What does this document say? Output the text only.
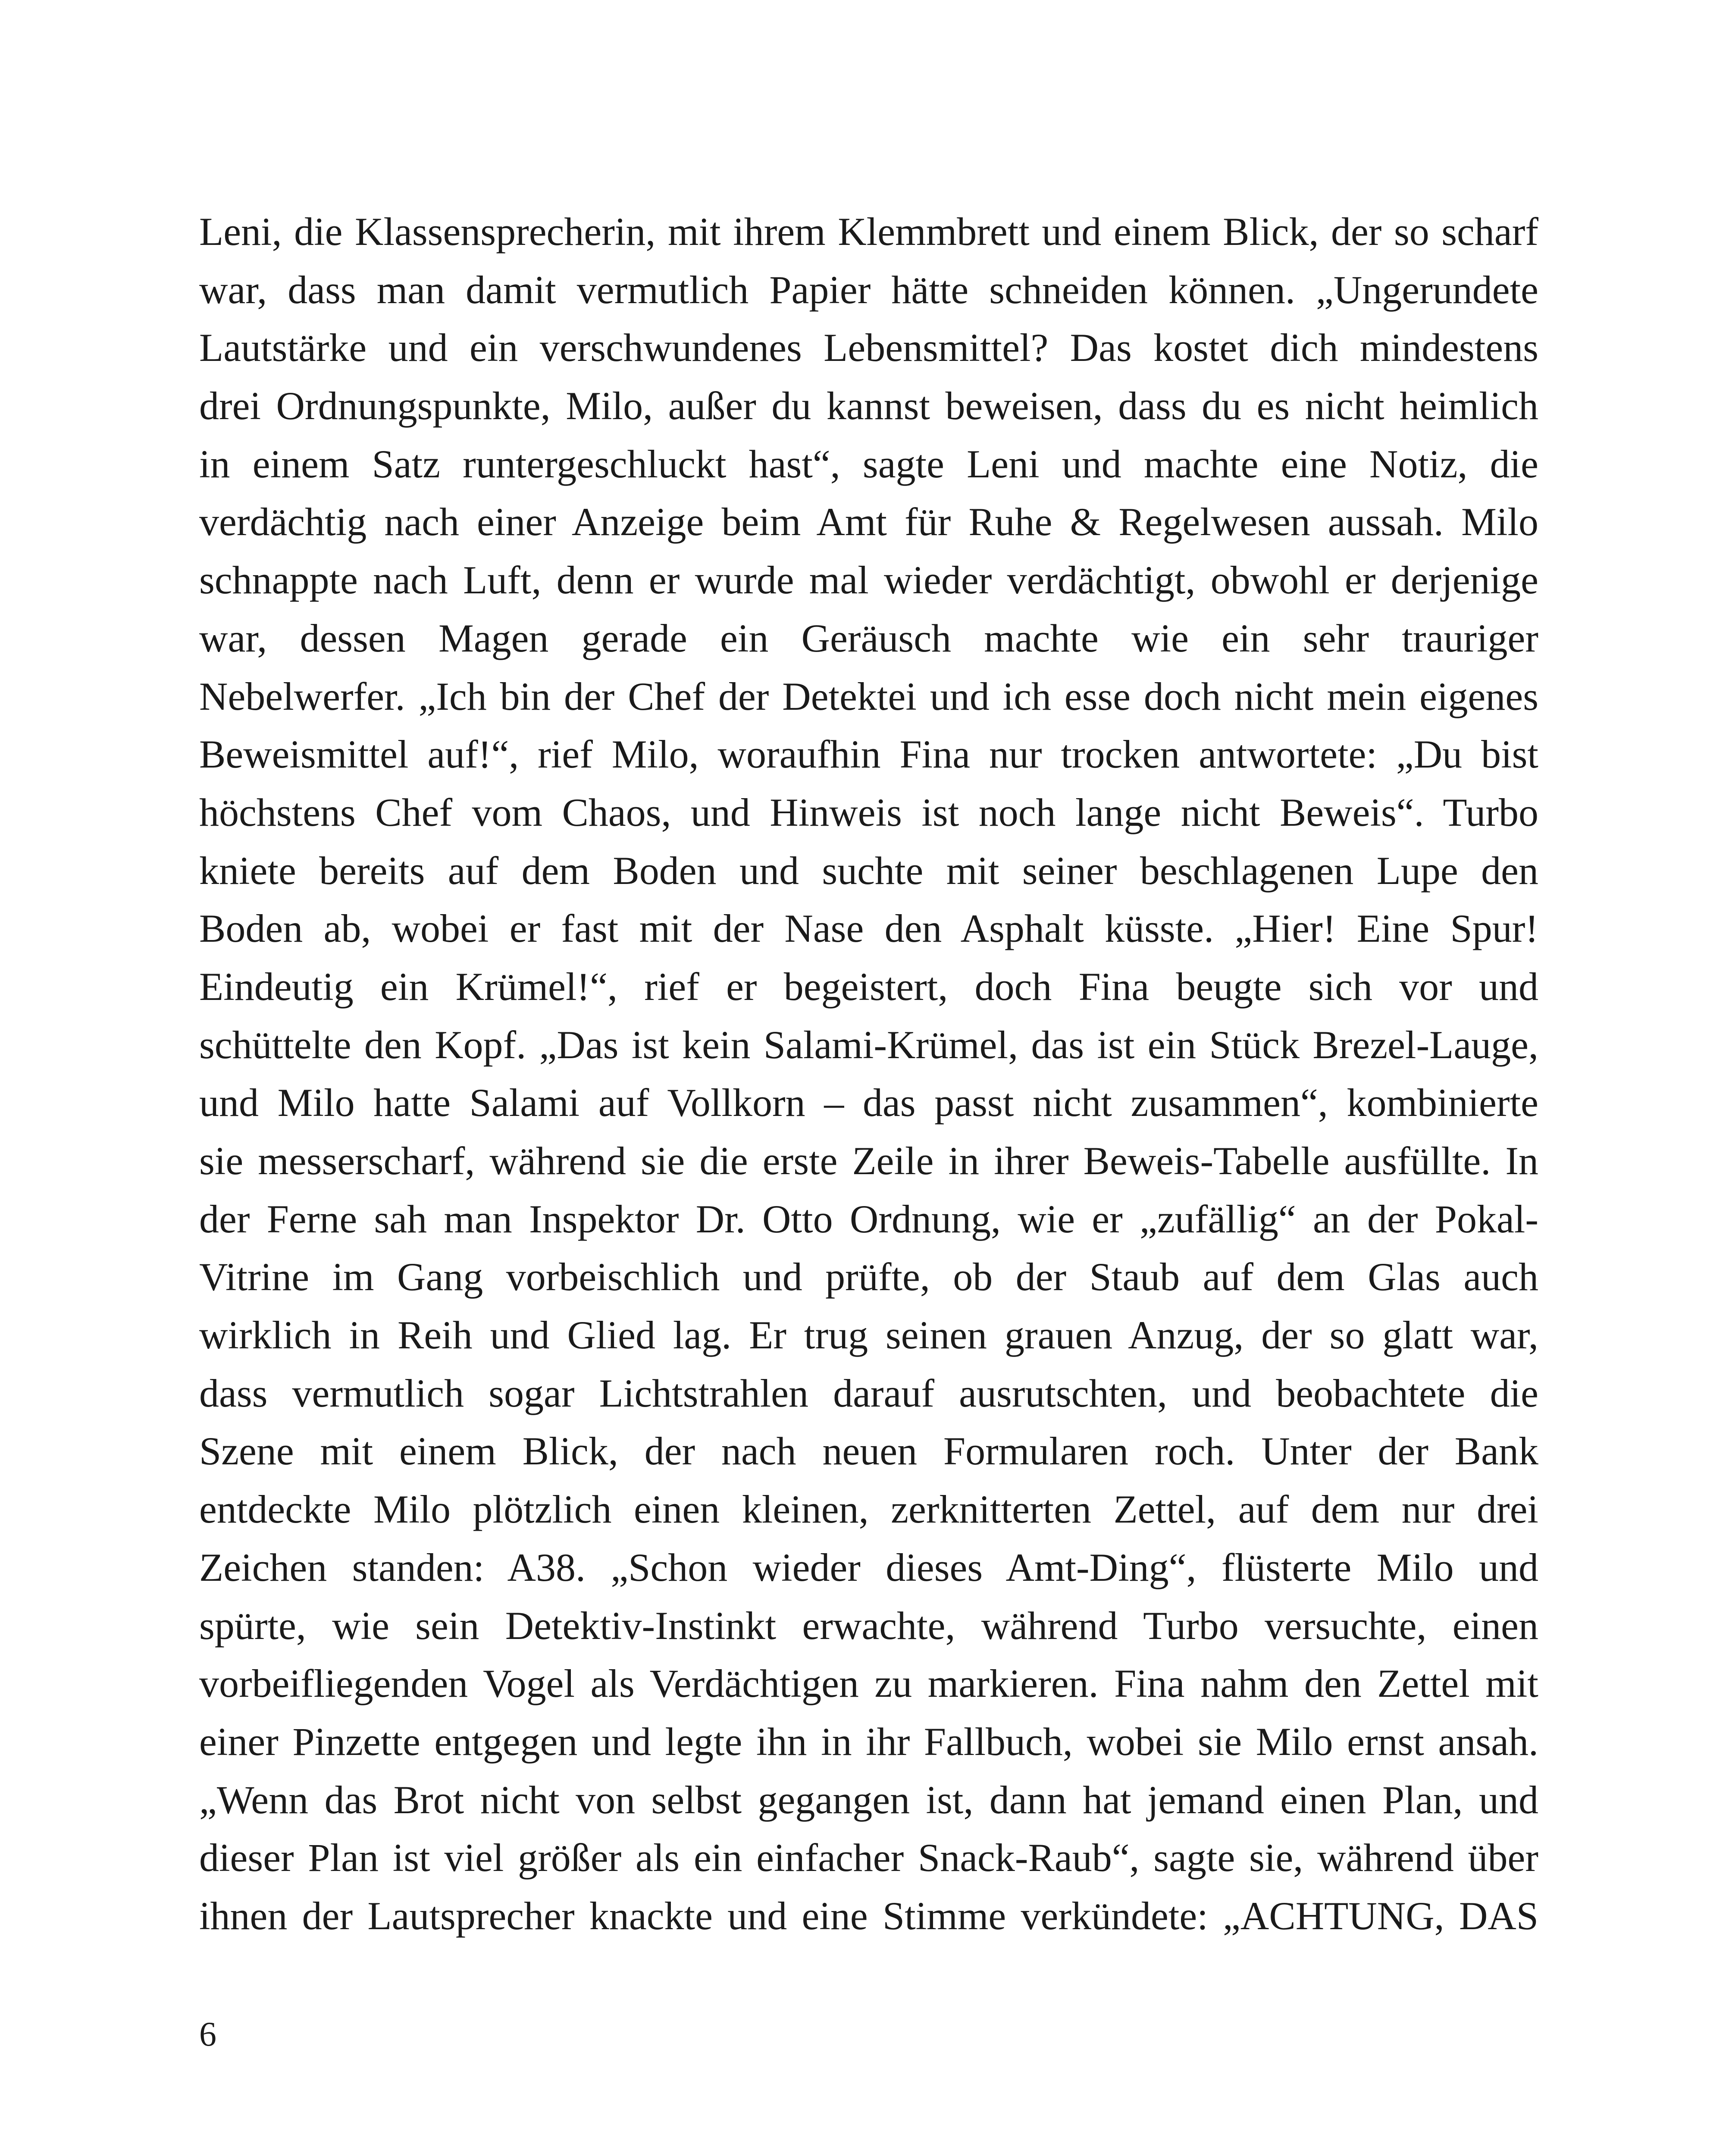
Leni, die Klassensprecherin, mit ihrem Klemmbrett und einem Blick, der so scharf
war, dass man damit vermutlich Papier hätte schneiden können. „Ungerundete
Lautstärke und ein verschwundenes Lebensmittel? Das kostet dich mindestens
drei Ordnungspunkte, Milo, außer du kannst beweisen, dass du es nicht heimlich
in einem Satz runtergeschluckt hast“, sagte Leni und machte eine Notiz, die
verdächtig nach einer Anzeige beim Amt für Ruhe & Regelwesen aussah. Milo
schnappte nach Luft, denn er wurde mal wieder verdächtigt, obwohl er derjenige
war, dessen Magen gerade ein Geräusch machte wie ein sehr trauriger
Nebelwerfer. „Ich bin der Chef der Detektei und ich esse doch nicht mein eigenes
Beweismittel auf!“, rief Milo, woraufhin Fina nur trocken antwortete: „Du bist
höchstens Chef vom Chaos, und Hinweis ist noch lange nicht Beweis“. Turbo
kniete bereits auf dem Boden und suchte mit seiner beschlagenen Lupe den
Boden ab, wobei er fast mit der Nase den Asphalt küsste. „Hier! Eine Spur!
Eindeutig ein Krümel!“, rief er begeistert, doch Fina beugte sich vor und
schüttelte den Kopf. „Das ist kein Salami-Krümel, das ist ein Stück Brezel-Lauge,
und Milo hatte Salami auf Vollkorn – das passt nicht zusammen“, kombinierte
sie messerscharf, während sie die erste Zeile in ihrer Beweis-Tabelle ausfüllte. In
der Ferne sah man Inspektor Dr. Otto Ordnung, wie er „zufällig“ an der Pokal-
Vitrine im Gang vorbeischlich und prüfte, ob der Staub auf dem Glas auch
wirklich in Reih und Glied lag. Er trug seinen grauen Anzug, der so glatt war,
dass vermutlich sogar Lichtstrahlen darauf ausrutschten, und beobachtete die
Szene mit einem Blick, der nach neuen Formularen roch. Unter der Bank
entdeckte Milo plötzlich einen kleinen, zerknitterten Zettel, auf dem nur drei
Zeichen standen: A38. „Schon wieder dieses Amt-Ding“, flüsterte Milo und
spürte, wie sein Detektiv-Instinkt erwachte, während Turbo versuchte, einen
vorbeifliegenden Vogel als Verdächtigen zu markieren. Fina nahm den Zettel mit
einer Pinzette entgegen und legte ihn in ihr Fallbuch, wobei sie Milo ernst ansah.
„Wenn das Brot nicht von selbst gegangen ist, dann hat jemand einen Plan, und
dieser Plan ist viel größer als ein einfacher Snack-Raub“, sagte sie, während über
ihnen der Lautsprecher knackte und eine Stimme verkündete: „ACHTUNG, DAS
6
